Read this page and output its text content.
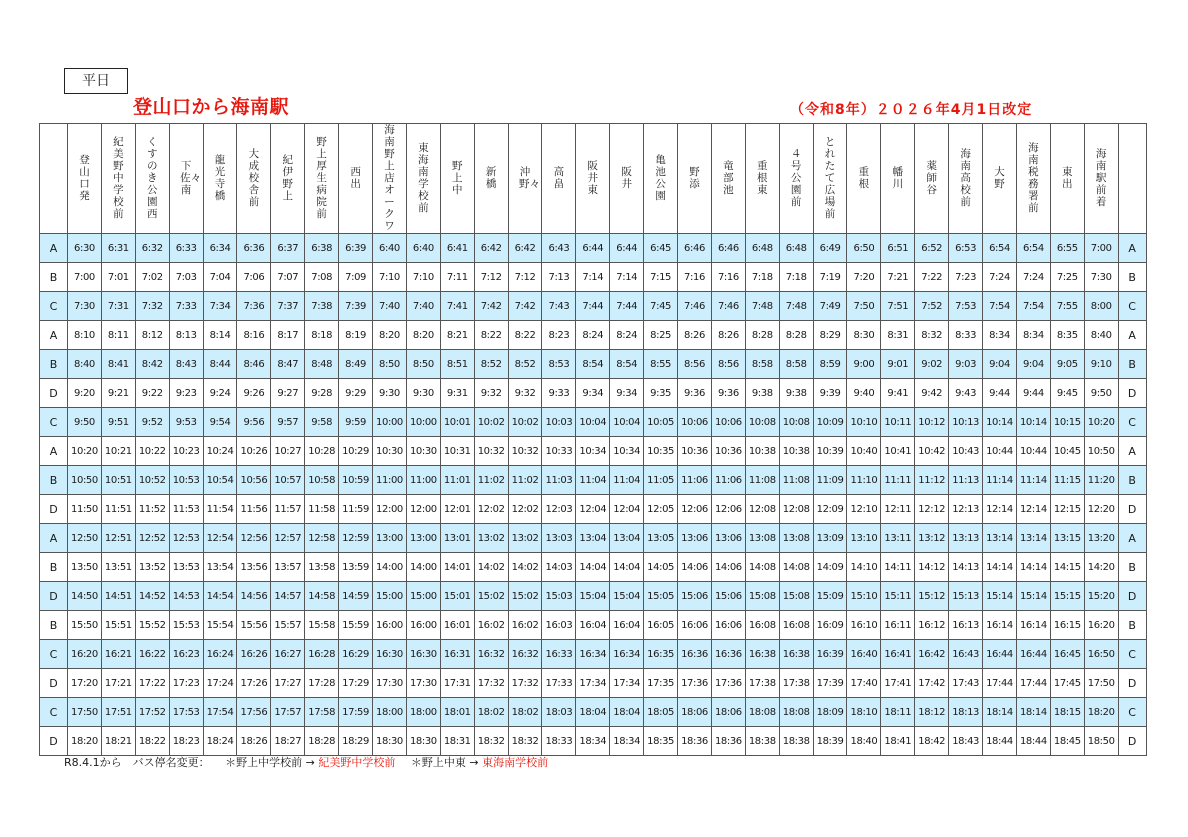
平日
登山口から海南駅	（令和8年）２０２６年4月1日改定
	登山口発	紀美野中学校前	くすのき公園西	下佐々南	龍光寺橋	大成校舎前	紀伊野上	野上厚生病院前	西出	海南野上店オークワ	東海南学校前	野上中	新橋	沖野々	高畠	阪井東	阪井	亀池公園	野添	竜部池	重根東	４号公園前	とれたて広場前	重根	幡川	薬師谷	海南高校前	大野	海南税務署前	東出	海南駅前着	
A	6:30	6:31	6:32	6:33	6:34	6:36	6:37	6:38	6:39	6:40	6:40	6:41	6:42	6:42	6:43	6:44	6:44	6:45	6:46	6:46	6:48	6:48	6:49	6:50	6:51	6:52	6:53	6:54	6:54	6:55	7:00	A
B	7:00	7:01	7:02	7:03	7:04	7:06	7:07	7:08	7:09	7:10	7:10	7:11	7:12	7:12	7:13	7:14	7:14	7:15	7:16	7:16	7:18	7:18	7:19	7:20	7:21	7:22	7:23	7:24	7:24	7:25	7:30	B
C	7:30	7:31	7:32	7:33	7:34	7:36	7:37	7:38	7:39	7:40	7:40	7:41	7:42	7:42	7:43	7:44	7:44	7:45	7:46	7:46	7:48	7:48	7:49	7:50	7:51	7:52	7:53	7:54	7:54	7:55	8:00	C
A	8:10	8:11	8:12	8:13	8:14	8:16	8:17	8:18	8:19	8:20	8:20	8:21	8:22	8:22	8:23	8:24	8:24	8:25	8:26	8:26	8:28	8:28	8:29	8:30	8:31	8:32	8:33	8:34	8:34	8:35	8:40	A
B	8:40	8:41	8:42	8:43	8:44	8:46	8:47	8:48	8:49	8:50	8:50	8:51	8:52	8:52	8:53	8:54	8:54	8:55	8:56	8:56	8:58	8:58	8:59	9:00	9:01	9:02	9:03	9:04	9:04	9:05	9:10	B
D	9:20	9:21	9:22	9:23	9:24	9:26	9:27	9:28	9:29	9:30	9:30	9:31	9:32	9:32	9:33	9:34	9:34	9:35	9:36	9:36	9:38	9:38	9:39	9:40	9:41	9:42	9:43	9:44	9:44	9:45	9:50	D
C	9:50	9:51	9:52	9:53	9:54	9:56	9:57	9:58	9:59	10:00	10:00	10:01	10:02	10:02	10:03	10:04	10:04	10:05	10:06	10:06	10:08	10:08	10:09	10:10	10:11	10:12	10:13	10:14	10:14	10:15	10:20	C
A	10:20	10:21	10:22	10:23	10:24	10:26	10:27	10:28	10:29	10:30	10:30	10:31	10:32	10:32	10:33	10:34	10:34	10:35	10:36	10:36	10:38	10:38	10:39	10:40	10:41	10:42	10:43	10:44	10:44	10:45	10:50	A
B	10:50	10:51	10:52	10:53	10:54	10:56	10:57	10:58	10:59	11:00	11:00	11:01	11:02	11:02	11:03	11:04	11:04	11:05	11:06	11:06	11:08	11:08	11:09	11:10	11:11	11:12	11:13	11:14	11:14	11:15	11:20	B
D	11:50	11:51	11:52	11:53	11:54	11:56	11:57	11:58	11:59	12:00	12:00	12:01	12:02	12:02	12:03	12:04	12:04	12:05	12:06	12:06	12:08	12:08	12:09	12:10	12:11	12:12	12:13	12:14	12:14	12:15	12:20	D
A	12:50	12:51	12:52	12:53	12:54	12:56	12:57	12:58	12:59	13:00	13:00	13:01	13:02	13:02	13:03	13:04	13:04	13:05	13:06	13:06	13:08	13:08	13:09	13:10	13:11	13:12	13:13	13:14	13:14	13:15	13:20	A
B	13:50	13:51	13:52	13:53	13:54	13:56	13:57	13:58	13:59	14:00	14:00	14:01	14:02	14:02	14:03	14:04	14:04	14:05	14:06	14:06	14:08	14:08	14:09	14:10	14:11	14:12	14:13	14:14	14:14	14:15	14:20	B
D	14:50	14:51	14:52	14:53	14:54	14:56	14:57	14:58	14:59	15:00	15:00	15:01	15:02	15:02	15:03	15:04	15:04	15:05	15:06	15:06	15:08	15:08	15:09	15:10	15:11	15:12	15:13	15:14	15:14	15:15	15:20	D
B	15:50	15:51	15:52	15:53	15:54	15:56	15:57	15:58	15:59	16:00	16:00	16:01	16:02	16:02	16:03	16:04	16:04	16:05	16:06	16:06	16:08	16:08	16:09	16:10	16:11	16:12	16:13	16:14	16:14	16:15	16:20	B
C	16:20	16:21	16:22	16:23	16:24	16:26	16:27	16:28	16:29	16:30	16:30	16:31	16:32	16:32	16:33	16:34	16:34	16:35	16:36	16:36	16:38	16:38	16:39	16:40	16:41	16:42	16:43	16:44	16:44	16:45	16:50	C
D	17:20	17:21	17:22	17:23	17:24	17:26	17:27	17:28	17:29	17:30	17:30	17:31	17:32	17:32	17:33	17:34	17:34	17:35	17:36	17:36	17:38	17:38	17:39	17:40	17:41	17:42	17:43	17:44	17:44	17:45	17:50	D
C	17:50	17:51	17:52	17:53	17:54	17:56	17:57	17:58	17:59	18:00	18:00	18:01	18:02	18:02	18:03	18:04	18:04	18:05	18:06	18:06	18:08	18:08	18:09	18:10	18:11	18:12	18:13	18:14	18:14	18:15	18:20	C
D	18:20	18:21	18:22	18:23	18:24	18:26	18:27	18:28	18:29	18:30	18:30	18:31	18:32	18:32	18:33	18:34	18:34	18:35	18:36	18:36	18:38	18:38	18:39	18:40	18:41	18:42	18:43	18:44	18:44	18:45	18:50	D
R8.4.1から　バス停名変更： ＊野上中学校前 → 紀美野中学校前 ＊野上中東 → 東海南学校前
